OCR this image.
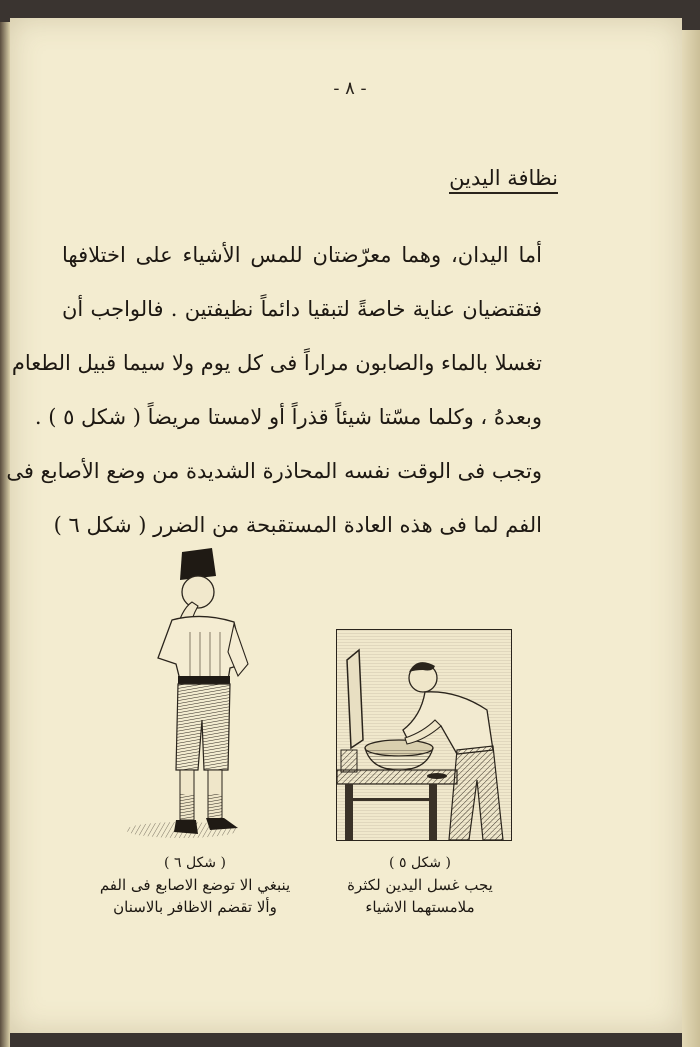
- ٨ -
نظافة اليدين
أما اليدان، وهما معرّضتان للمس الأشياء على اختلافها
فتقتضيان عناية خاصةً لتبقيا دائماً نظيفتين . فالواجب أن
تغسلا بالماء والصابون مراراً فى كل يوم ولا سيما قبيل الطعام
وبعدهُ ، وكلما مسّتا شيئاً قذراً أو لامستا مريضاً ( شكل ٥ ) .
وتجب فى الوقت نفسه المحاذرة الشديدة من وضع الأصابع فى
الفم لما فى هذه العادة المستقبحة من الضرر ( شكل ٦ )
( شكل ٥ )
يجب غسل اليدين لكثرة
ملامستهما الاشياء
( شكل ٦ )
ينبغي الا توضع الاصابع فى الفم
وألا تقضم الاظافر بالاسنان
